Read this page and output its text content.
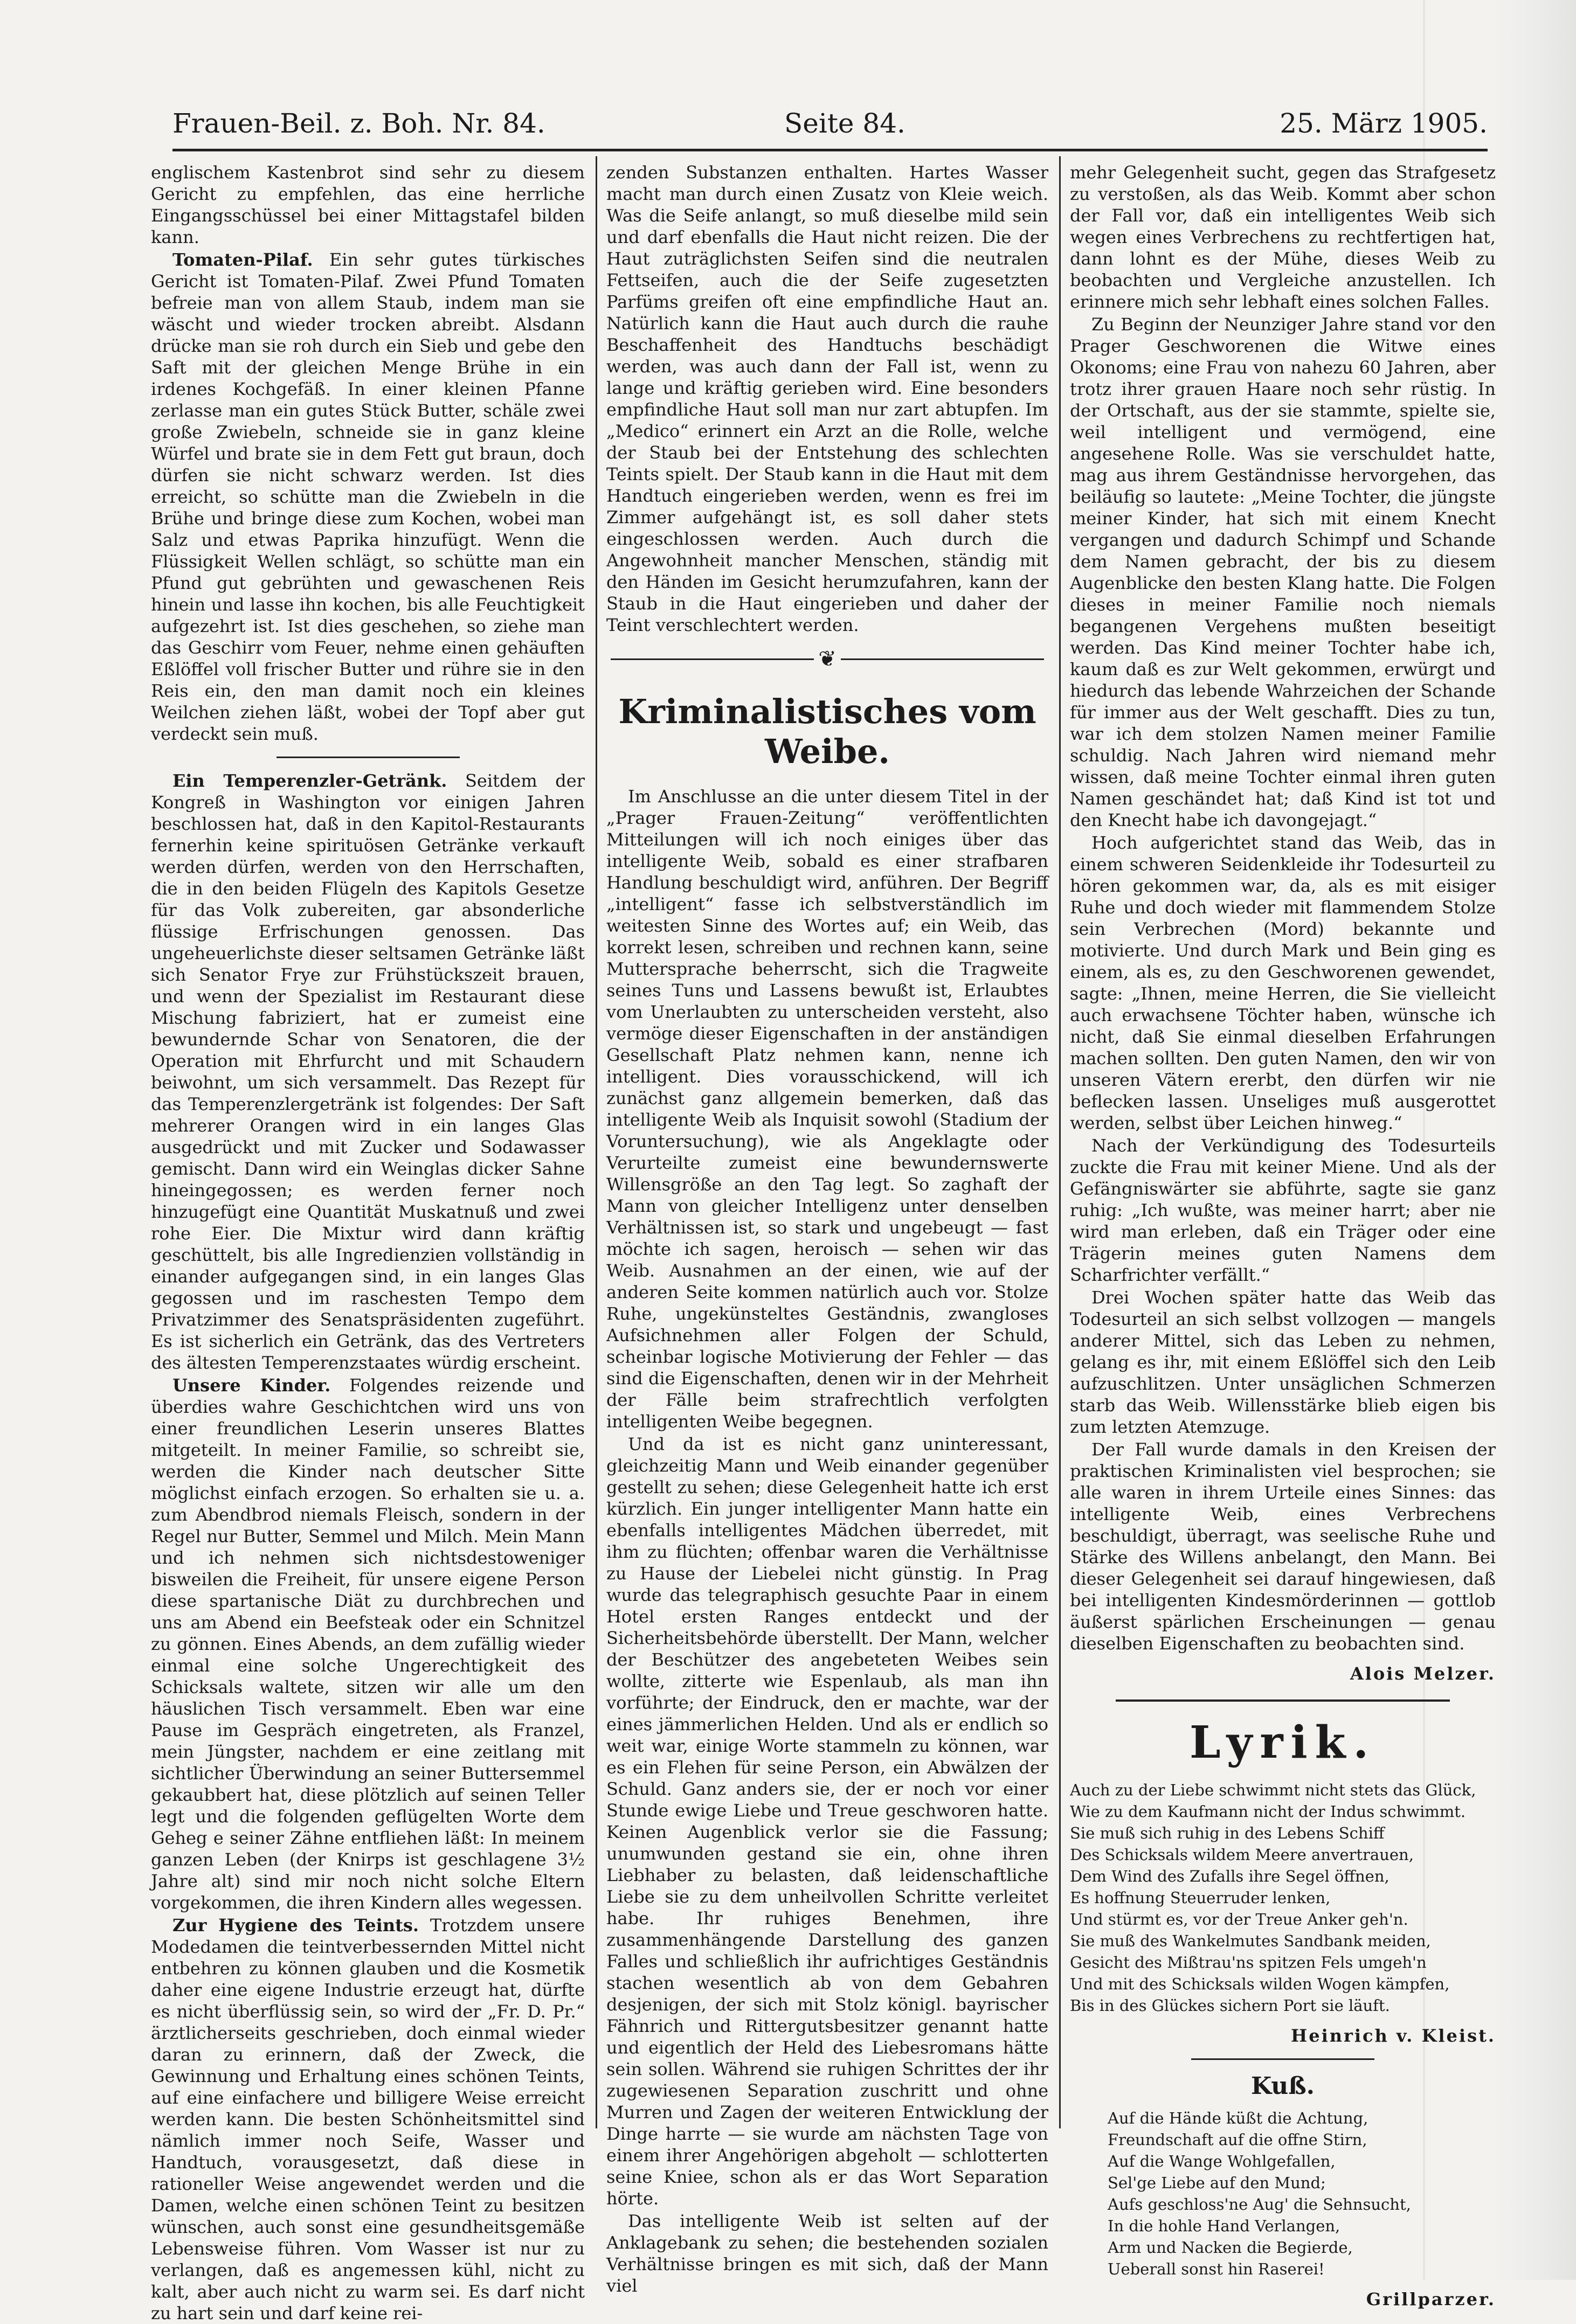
Frauen-Beil. z. Boh. Nr. 84.	Seite 84.	25. März 1905.

englischem Kastenbrot sind sehr zu diesem Gericht zu empfehlen, das eine herrliche Eingangsschüssel bei einer Mittagstafel bilden kann.

Tomaten-Pilaf. Ein sehr gutes türkisches Gericht ist Tomaten-Pilaf. Zwei Pfund Tomaten befreie man von allem Staub, indem man sie wäscht und wieder trocken abreibt. Alsdann drücke man sie roh durch ein Sieb und gebe den Saft mit der gleichen Menge Brühe in ein irdenes Kochgefäß. In einer kleinen Pfanne zerlasse man ein gutes Stück Butter, schäle zwei große Zwiebeln, schneide sie in ganz kleine Würfel und brate sie in dem Fett gut braun, doch dürfen sie nicht schwarz werden. Ist dies erreicht, so schütte man die Zwiebeln in die Brühe und bringe diese zum Kochen, wobei man Salz und etwas Paprika hinzufügt. Wenn die Flüssigkeit Wellen schlägt, so schütte man ein Pfund gut gebrühten und gewaschenen Reis hinein und lasse ihn kochen, bis alle Feuchtigkeit aufgezehrt ist. Ist dies geschehen, so ziehe man das Geschirr vom Feuer, nehme einen gehäuften Eßlöffel voll frischer Butter und rühre sie in den Reis ein, den man damit noch ein kleines Weilchen ziehen läßt, wobei der Topf aber gut verdeckt sein muß.

Ein Temperenzler-Getränk. Seitdem der Kongreß in Washington vor einigen Jahren beschlossen hat, daß in den Kapitol-Restaurants fernerhin keine spirituösen Getränke verkauft werden dürfen, werden von den Herrschaften, die in den beiden Flügeln des Kapitols Gesetze für das Volk zubereiten, gar absonderliche flüssige Erfrischungen genossen. Das ungeheuerlichste dieser seltsamen Getränke läßt sich Senator Frye zur Frühstückszeit brauen, und wenn der Spezialist im Restaurant diese Mischung fabriziert, hat er zumeist eine bewundernde Schar von Senatoren, die der Operation mit Ehrfurcht und mit Schaudern beiwohnt, um sich versammelt. Das Rezept für das Temperenzlergetränk ist folgendes: Der Saft mehrerer Orangen wird in ein langes Glas ausgedrückt und mit Zucker und Sodawasser gemischt. Dann wird ein Weinglas dicker Sahne hineingegossen; es werden ferner noch hinzugefügt eine Quantität Muskatnuß und zwei rohe Eier. Die Mixtur wird dann kräftig geschüttelt, bis alle Ingredienzien vollständig in einander aufgegangen sind, in ein langes Glas gegossen und im raschesten Tempo dem Privatzimmer des Senatspräsidenten zugeführt. Es ist sicherlich ein Getränk, das des Vertreters des ältesten Temperenzstaates würdig erscheint.

Unsere Kinder. Folgendes reizende und überdies wahre Geschichtchen wird uns von einer freundlichen Leserin unseres Blattes mitgeteilt. In meiner Familie, so schreibt sie, werden die Kinder nach deutscher Sitte möglichst einfach erzogen. So erhalten sie u. a. zum Abendbrod niemals Fleisch, sondern in der Regel nur Butter, Semmel und Milch. Mein Mann und ich nehmen sich nichtsdestoweniger bisweilen die Freiheit, für unsere eigene Person diese spartanische Diät zu durchbrechen und uns am Abend ein Beefsteak oder ein Schnitzel zu gönnen. Eines Abends, an dem zufällig wieder einmal eine solche Ungerechtigkeit des Schicksals waltete, sitzen wir alle um den häuslichen Tisch versammelt. Eben war eine Pause im Gespräch eingetreten, als Franzel, mein Jüngster, nachdem er eine zeitlang mit sichtlicher Überwindung an seiner Buttersemmel gekaubbert hat, diese plötzlich auf seinen Teller legt und die folgenden geflügelten Worte dem Geheg e seiner Zähne entfliehen läßt: In meinem ganzen Leben (der Knirps ist geschlagene 3½ Jahre alt) sind mir noch nicht solche Eltern vorgekommen, die ihren Kindern alles wegessen.

Zur Hygiene des Teints. Trotzdem unsere Modedamen die teintverbessernden Mittel nicht entbehren zu können glauben und die Kosmetik daher eine eigene Industrie erzeugt hat, dürfte es nicht überflüssig sein, so wird der „Fr. D. Pr.“ ärztlicherseits geschrieben, doch einmal wieder daran zu erinnern, daß der Zweck, die Gewinnung und Erhaltung eines schönen Teints, auf eine einfachere und billigere Weise erreicht werden kann. Die besten Schönheitsmittel sind nämlich immer noch Seife, Wasser und Handtuch, vorausgesetzt, daß diese in rationeller Weise angewendet werden und die Damen, welche einen schönen Teint zu besitzen wünschen, auch sonst eine gesundheitsgemäße Lebensweise führen. Vom Wasser ist nur zu verlangen, daß es angemessen kühl, nicht zu kalt, aber auch nicht zu warm sei. Es darf nicht zu hart sein und darf keine rei-

zenden Substanzen enthalten. Hartes Wasser macht man durch einen Zusatz von Kleie weich. Was die Seife anlangt, so muß dieselbe mild sein und darf ebenfalls die Haut nicht reizen. Die der Haut zuträglichsten Seifen sind die neutralen Fettseifen, auch die der Seife zugesetzten Parfüms greifen oft eine empfindliche Haut an. Natürlich kann die Haut auch durch die rauhe Beschaffenheit des Handtuchs beschädigt werden, was auch dann der Fall ist, wenn zu lange und kräftig gerieben wird. Eine besonders empfindliche Haut soll man nur zart abtupfen. Im „Medico“ erinnert ein Arzt an die Rolle, welche der Staub bei der Entstehung des schlechten Teints spielt. Der Staub kann in die Haut mit dem Handtuch eingerieben werden, wenn es frei im Zimmer aufgehängt ist, es soll daher stets eingeschlossen werden. Auch durch die Angewohnheit mancher Menschen, ständig mit den Händen im Gesicht herumzufahren, kann der Staub in die Haut eingerieben und daher der Teint verschlechtert werden.

❦
Kriminalistisches vom Weibe.

Im Anschlusse an die unter diesem Titel in der „Prager Frauen-Zeitung“ veröffentlichten Mitteilungen will ich noch einiges über das intelligente Weib, sobald es einer strafbaren Handlung beschuldigt wird, anführen. Der Begriff „intelligent“ fasse ich selbstverständlich im weitesten Sinne des Wortes auf; ein Weib, das korrekt lesen, schreiben und rechnen kann, seine Muttersprache beherrscht, sich die Tragweite seines Tuns und Lassens bewußt ist, Erlaubtes vom Unerlaubten zu unterscheiden versteht, also vermöge dieser Eigenschaften in der anständigen Gesellschaft Platz nehmen kann, nenne ich intelligent. Dies vorausschickend, will ich zunächst ganz allgemein bemerken, daß das intelligente Weib als Inquisit sowohl (Stadium der Voruntersuchung), wie als Angeklagte oder Verurteilte zumeist eine bewundernswerte Willensgröße an den Tag legt. So zaghaft der Mann von gleicher Intelligenz unter denselben Verhältnissen ist, so stark und ungebeugt — fast möchte ich sagen, heroisch — sehen wir das Weib. Ausnahmen an der einen, wie auf der anderen Seite kommen natürlich auch vor. Stolze Ruhe, ungekünsteltes Geständnis, zwangloses Aufsichnehmen aller Folgen der Schuld, scheinbar logische Motivierung der Fehler — das sind die Eigenschaften, denen wir in der Mehrheit der Fälle beim strafrechtlich verfolgten intelligenten Weibe begegnen.

Und da ist es nicht ganz uninteressant, gleichzeitig Mann und Weib einander gegenüber gestellt zu sehen; diese Gelegenheit hatte ich erst kürzlich. Ein junger intelligenter Mann hatte ein ebenfalls intelligentes Mädchen überredet, mit ihm zu flüchten; offenbar waren die Verhältnisse zu Hause der Liebelei nicht günstig. In Prag wurde das telegraphisch gesuchte Paar in einem Hotel ersten Ranges entdeckt und der Sicherheitsbehörde überstellt. Der Mann, welcher der Beschützer des angebeteten Weibes sein wollte, zitterte wie Espenlaub, als man ihn vorführte; der Eindruck, den er machte, war der eines jämmerlichen Helden. Und als er endlich so weit war, einige Worte stammeln zu können, war es ein Flehen für seine Person, ein Abwälzen der Schuld. Ganz anders sie, der er noch vor einer Stunde ewige Liebe und Treue geschworen hatte. Keinen Augenblick verlor sie die Fassung; unumwunden gestand sie ein, ohne ihren Liebhaber zu belasten, daß leidenschaftliche Liebe sie zu dem unheilvollen Schritte verleitet habe. Ihr ruhiges Benehmen, ihre zusammenhängende Darstellung des ganzen Falles und schließlich ihr aufrichtiges Geständnis stachen wesentlich ab von dem Gebahren desjenigen, der sich mit Stolz königl. bayrischer Fähnrich und Rittergutsbesitzer genannt hatte und eigentlich der Held des Liebesromans hätte sein sollen. Während sie ruhigen Schrittes der ihr zugewiesenen Separation zuschritt und ohne Murren und Zagen der weiteren Entwicklung der Dinge harrte — sie wurde am nächsten Tage von einem ihrer Angehörigen abgeholt — schlotterten seine Kniee, schon als er das Wort Separation hörte.

Das intelligente Weib ist selten auf der Anklagebank zu sehen; die bestehenden sozialen Verhältnisse bringen es mit sich, daß der Mann viel

mehr Gelegenheit sucht, gegen das Strafgesetz zu verstoßen, als das Weib. Kommt aber schon der Fall vor, daß ein intelligentes Weib sich wegen eines Verbrechens zu rechtfertigen hat, dann lohnt es der Mühe, dieses Weib zu beobachten und Vergleiche anzustellen. Ich erinnere mich sehr lebhaft eines solchen Falles.

Zu Beginn der Neunziger Jahre stand vor den Prager Geschworenen die Witwe eines Okonoms; eine Frau von nahezu 60 Jahren, aber trotz ihrer grauen Haare noch sehr rüstig. In der Ortschaft, aus der sie stammte, spielte sie, weil intelligent und vermögend, eine angesehene Rolle. Was sie verschuldet hatte, mag aus ihrem Geständnisse hervorgehen, das beiläufig so lautete: „Meine Tochter, die jüngste meiner Kinder, hat sich mit einem Knecht vergangen und dadurch Schimpf und Schande dem Namen gebracht, der bis zu diesem Augenblicke den besten Klang hatte. Die Folgen dieses in meiner Familie noch niemals begangenen Vergehens mußten beseitigt werden. Das Kind meiner Tochter habe ich, kaum daß es zur Welt gekommen, erwürgt und hiedurch das lebende Wahrzeichen der Schande für immer aus der Welt geschafft. Dies zu tun, war ich dem stolzen Namen meiner Familie schuldig. Nach Jahren wird niemand mehr wissen, daß meine Tochter einmal ihren guten Namen geschändet hat; daß Kind ist tot und den Knecht habe ich davongejagt.“

Hoch aufgerichtet stand das Weib, das in einem schweren Seidenkleide ihr Todesurteil zu hören gekommen war, da, als es mit eisiger Ruhe und doch wieder mit flammendem Stolze sein Verbrechen (Mord) bekannte und motivierte. Und durch Mark und Bein ging es einem, als es, zu den Geschworenen gewendet, sagte: „Ihnen, meine Herren, die Sie vielleicht auch erwachsene Töchter haben, wünsche ich nicht, daß Sie einmal dieselben Erfahrungen machen sollten. Den guten Namen, den wir von unseren Vätern ererbt, den dürfen wir nie beflecken lassen. Unseliges muß ausgerottet werden, selbst über Leichen hinweg.“

Nach der Verkündigung des Todesurteils zuckte die Frau mit keiner Miene. Und als der Gefängniswärter sie abführte, sagte sie ganz ruhig: „Ich wußte, was meiner harrt; aber nie wird man erleben, daß ein Träger oder eine Trägerin meines guten Namens dem Scharfrichter verfällt.“

Drei Wochen später hatte das Weib das Todesurteil an sich selbst vollzogen — mangels anderer Mittel, sich das Leben zu nehmen, gelang es ihr, mit einem Eßlöffel sich den Leib aufzuschlitzen. Unter unsäglichen Schmerzen starb das Weib. Willensstärke blieb eigen bis zum letzten Atemzuge.

Der Fall wurde damals in den Kreisen der praktischen Kriminalisten viel besprochen; sie alle waren in ihrem Urteile eines Sinnes: das intelligente Weib, eines Verbrechens beschuldigt, überragt, was seelische Ruhe und Stärke des Willens anbelangt, den Mann. Bei dieser Gelegenheit sei darauf hingewiesen, daß bei intelligenten Kindesmörderinnen — gottlob äußerst spärlichen Erscheinungen — genau dieselben Eigenschaften zu beobachten sind.

Alois Melzer.
Lyrik.
Auch zu der Liebe schwimmt nicht stets das Glück,
Wie zu dem Kaufmann nicht der Indus schwimmt.
Sie muß sich ruhig in des Lebens Schiff
Des Schicksals wildem Meere anvertrauen,
Dem Wind des Zufalls ihre Segel öffnen,
Es hoffnung Steuerruder lenken,
Und stürmt es, vor der Treue Anker geh'n.
Sie muß des Wankelmutes Sandbank meiden,
Gesicht des Mißtrau'ns spitzen Fels umgeh'n
Und mit des Schicksals wilden Wogen kämpfen,
Bis in des Glückes sichern Port sie läuft.
Heinrich v. Kleist.
Kuß.
Auf die Hände küßt die Achtung,
Freundschaft auf die offne Stirn,
Auf die Wange Wohlgefallen,
Sel'ge Liebe auf den Mund;
Aufs geschloss'ne Aug' die Sehnsucht,
In die hohle Hand Verlangen,
Arm und Nacken die Begierde,
Ueberall sonst hin Raserei!
Grillparzer.
